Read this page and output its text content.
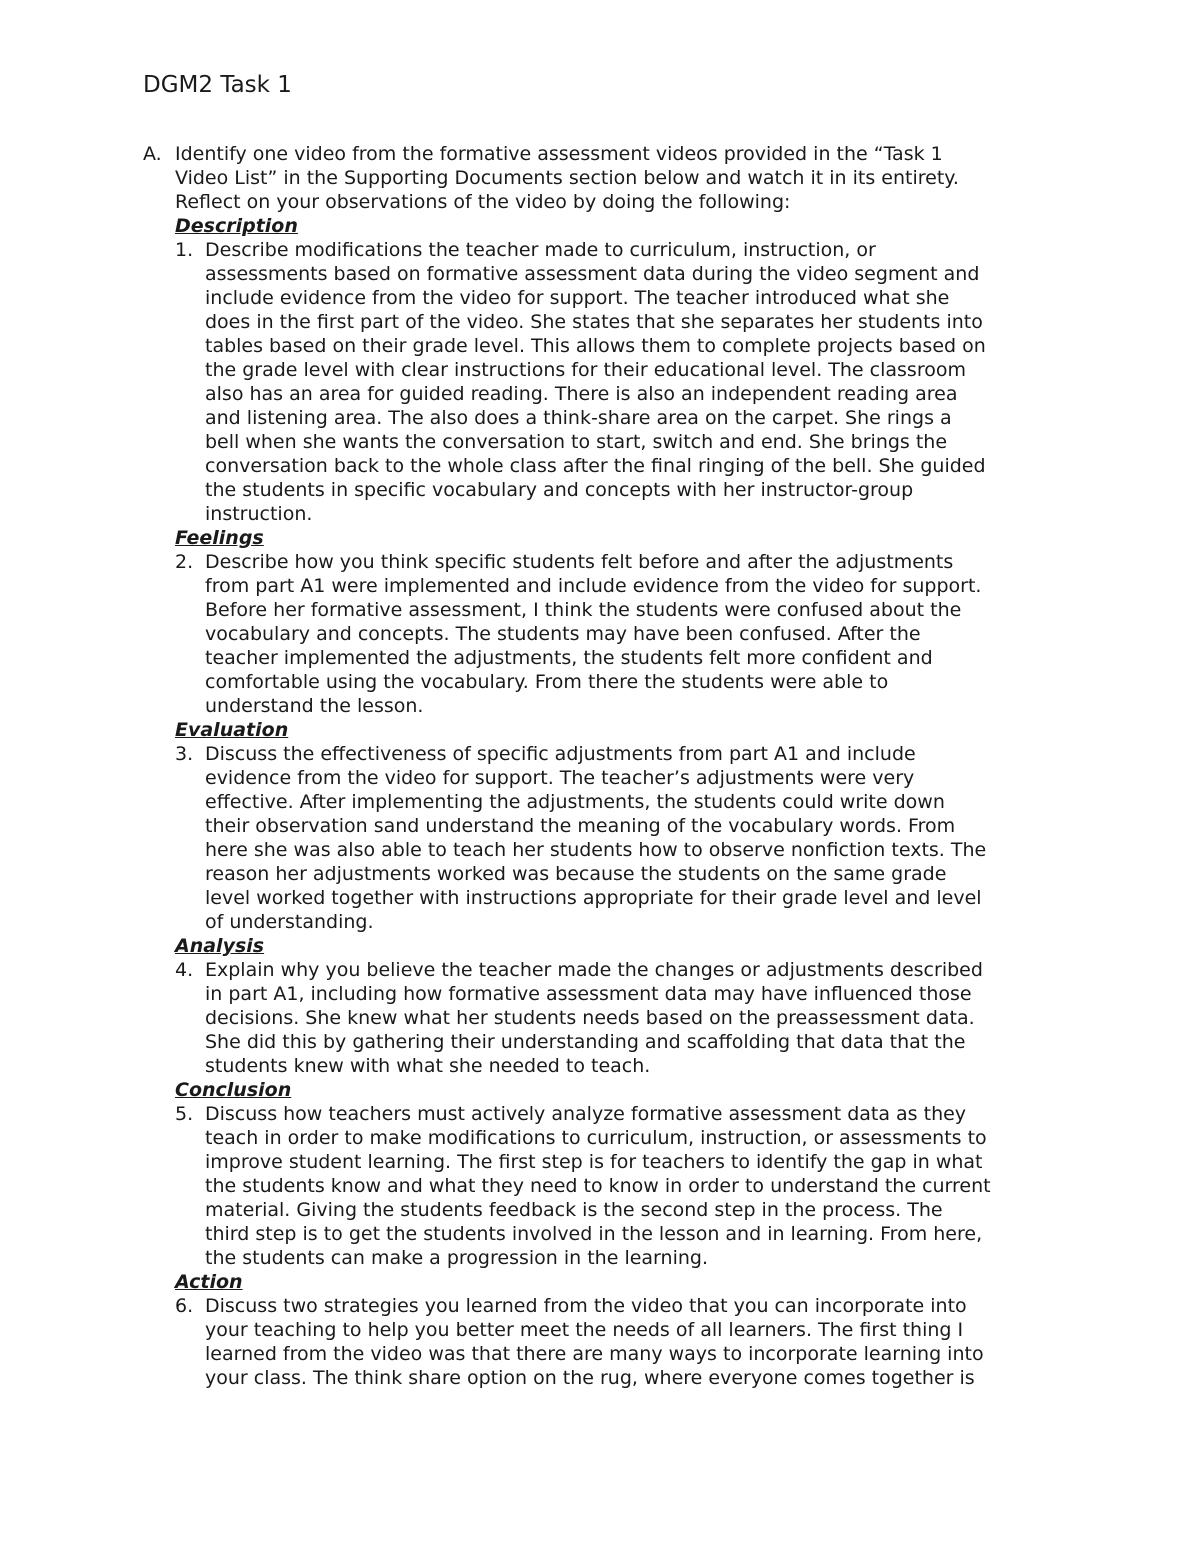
DGM2 Task 1
A. Identify one video from the formative assessment videos provided in the “Task 1
Video List” in the Supporting Documents section below and watch it in its entirety.
Reflect on your observations of the video by doing the following:
Description
1. Describe modifications the teacher made to curriculum, instruction, or
assessments based on formative assessment data during the video segment and
include evidence from the video for support. The teacher introduced what she
does in the first part of the video. She states that she separates her students into
tables based on their grade level. This allows them to complete projects based on
the grade level with clear instructions for their educational level. The classroom
also has an area for guided reading. There is also an independent reading area
and listening area. The also does a think-share area on the carpet. She rings a
bell when she wants the conversation to start, switch and end. She brings the
conversation back to the whole class after the final ringing of the bell. She guided
the students in specific vocabulary and concepts with her instructor-group
instruction.
Feelings
2. Describe how you think specific students felt before and after the adjustments
from part A1 were implemented and include evidence from the video for support.
Before her formative assessment, I think the students were confused about the
vocabulary and concepts. The students may have been confused. After the
teacher implemented the adjustments, the students felt more confident and
comfortable using the vocabulary. From there the students were able to
understand the lesson.
Evaluation
3. Discuss the effectiveness of specific adjustments from part A1 and include
evidence from the video for support. The teacher’s adjustments were very
effective. After implementing the adjustments, the students could write down
their observation sand understand the meaning of the vocabulary words. From
here she was also able to teach her students how to observe nonfiction texts. The
reason her adjustments worked was because the students on the same grade
level worked together with instructions appropriate for their grade level and level
of understanding.
Analysis
4. Explain why you believe the teacher made the changes or adjustments described
in part A1, including how formative assessment data may have influenced those
decisions. She knew what her students needs based on the preassessment data.
She did this by gathering their understanding and scaffolding that data that the
students knew with what she needed to teach.
Conclusion
5. Discuss how teachers must actively analyze formative assessment data as they
teach in order to make modifications to curriculum, instruction, or assessments to
improve student learning. The first step is for teachers to identify the gap in what
the students know and what they need to know in order to understand the current
material. Giving the students feedback is the second step in the process. The
third step is to get the students involved in the lesson and in learning. From here,
the students can make a progression in the learning.
Action
6. Discuss two strategies you learned from the video that you can incorporate into
your teaching to help you better meet the needs of all learners. The first thing I
learned from the video was that there are many ways to incorporate learning into
your class. The think share option on the rug, where everyone comes together is
